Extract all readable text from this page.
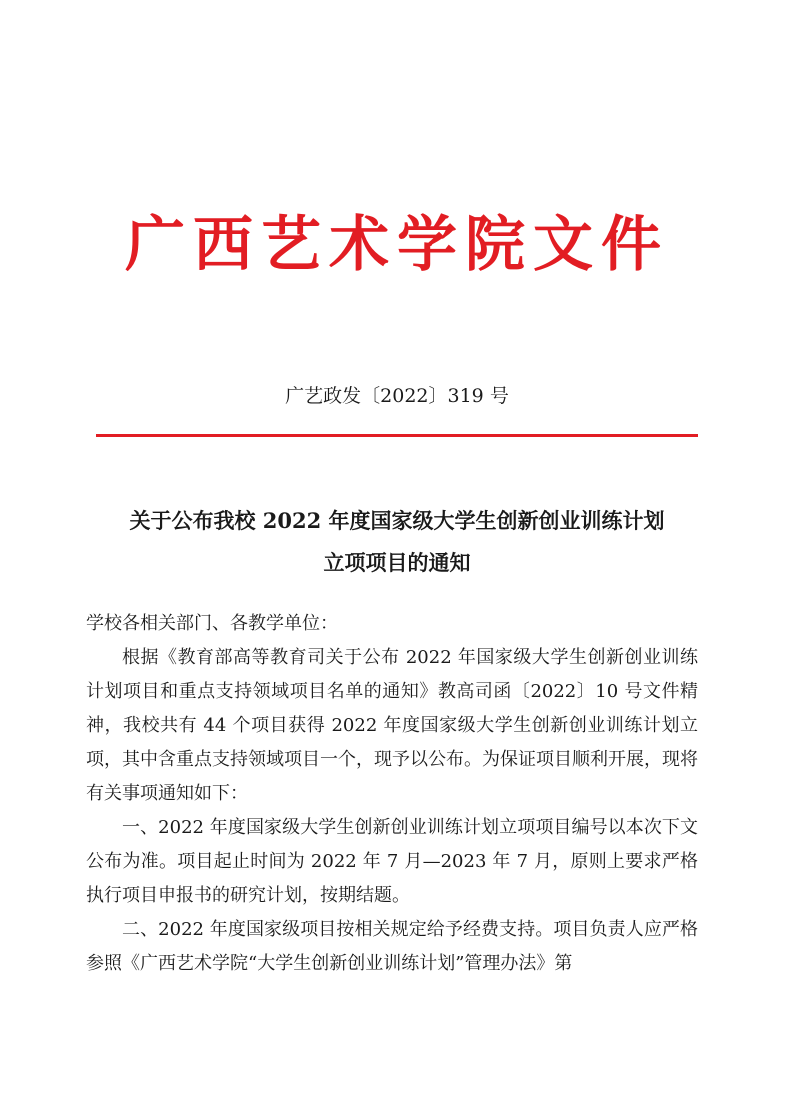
广西艺术学院文件
广艺政发〔2022〕319 号
关于公布我校 2022 年度国家级大学生创新创业训练计划
立项项目的通知

学校各相关部门、各教学单位：

根据《教育部高等教育司关于公布 2022 年国家级大学生创新创业训练计划项目和重点支持领域项目名单的通知》教高司函〔2022〕10 号文件精神，我校共有 44 个项目获得 2022 年度国家级大学生创新创业训练计划立项，其中含重点支持领域项目一个，现予以公布。为保证项目顺利开展，现将有关事项通知如下：

一、2022 年度国家级大学生创新创业训练计划立项项目编号以本次下文公布为准。项目起止时间为 2022 年 7 月—2023 年 7 月，原则上要求严格执行项目申报书的研究计划，按期结题。

二、2022 年度国家级项目按相关规定给予经费支持。项目负责人应严格参照《广西艺术学院“大学生创新创业训练计划”管理办法》第
